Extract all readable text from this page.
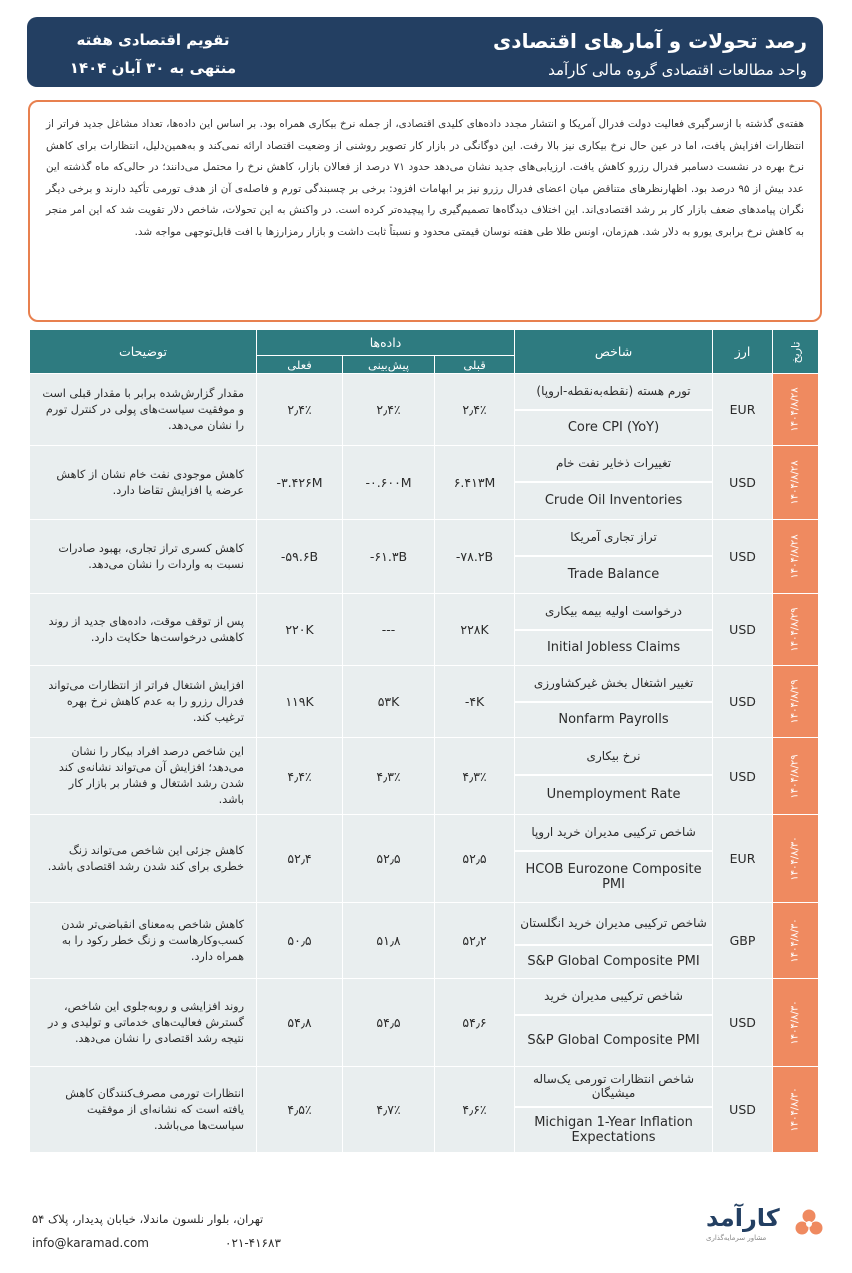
رصد تحولات و آمارهای اقتصادی
واحد مطالعات اقتصادی گروه مالی کارآمد
تقویم اقتصادی هفته
منتهی به ۳۰ آبان ۱۴۰۴
هفته‌ی گذشته با ازسرگیری فعالیت دولت فدرال آمریکا و انتشار مجدد داده‌های کلیدی اقتصادی، از جمله نرخ بیکاری همراه بود. بر اساس این داده‌ها، تعداد مشاغل جدید فراتر از انتظارات افزایش یافت، اما در عین حال نرخ بیکاری نیز بالا رفت. این دوگانگی در بازار کار تصویر روشنی از وضعیت اقتصاد ارائه نمی‌کند و به‌همین‌دلیل، انتظارات برای کاهش نرخ بهره در نشست دسامبر فدرال رزرو کاهش یافت. ارزیابی‌های جدید نشان می‌دهد حدود ۷۱ درصد از فعالان بازار، کاهش نرخ را محتمل می‌دانند؛ در حالی‌که ماه گذشته این عدد بیش از ۹۵ درصد بود. اظهارنظرهای متناقض میان اعضای فدرال رزرو نیز بر ابهامات افزود: برخی بر چسبندگی تورم و فاصله‌ی آن از هدف تورمی تأکید دارند و برخی دیگر نگران پیامدهای ضعف بازار کار بر رشد اقتصادی‌اند. این اختلاف دیدگاه‌ها تصمیم‌گیری را پیچیده‌تر کرده است. در واکنش به این تحولات، شاخص دلار تقویت شد که این امر منجر به کاهش نرخ برابری یورو به دلار شد. هم‌زمان، اونس طلا طی هفته نوسان قیمتی محدود و نسبتاً ثابت داشت و بازار رمزارزها با افت قابل‌توجهی مواجه شد.
تاریخ	ارز	شاخص	داده‌ها			توضیحات
			قبلی	پیش‌بینی	فعلی	
۱۴۰۴/۸/۲۸	EUR	تورم هسته (نقطه‌به‌نقطه-اروپا)	۲٫۴٪	۲٫۴٪	۲٫۴٪	مقدار گزارش‌شده برابر با مقدار قبلی است و موفقیت سیاست‌های پولی در کنترل تورم را نشان می‌دهد.
		Core CPI (YoY)				
۱۴۰۴/۸/۲۸	USD	تغییرات ذخایر نفت خام	۶.۴۱۳M	-۰.۶۰۰M	-۳.۴۲۶M	کاهش موجودی نفت خام نشان از کاهش عرضه یا افزایش تقاضا دارد.
		Crude Oil Inventories				
۱۴۰۴/۸/۲۸	USD	تراز تجاری آمریکا	-۷۸.۲B	-۶۱.۳B	-۵۹.۶B	کاهش کسری تراز تجاری، بهبود صادرات نسبت به واردات را نشان می‌دهد.
		Trade Balance				
۱۴۰۴/۸/۲۹	USD	درخواست اولیه بیمه بیکاری	۲۲۸K	---	۲۲۰K	پس از توقف موقت، داده‌های جدید از روند کاهشی درخواست‌ها حکایت دارد.
		Initial Jobless Claims				
۱۴۰۴/۸/۲۹	USD	تغییر اشتغال بخش غیرکشاورزی	-۴K	۵۳K	۱۱۹K	افزایش اشتغال فراتر از انتظارات می‌تواند فدرال رزرو را به عدم کاهش نرخ بهره ترغیب کند.
		Nonfarm Payrolls				
۱۴۰۴/۸/۲۹	USD	نرخ بیکاری	۴٫۳٪	۴٫۳٪	۴٫۴٪	این شاخص درصد افراد بیکار را نشان می‌دهد؛ افزایش آن می‌تواند نشانه‌ی کند شدن رشد اشتغال و فشار بر بازار کار باشد.
		Unemployment Rate				
۱۴۰۴/۸/۳۰	EUR	شاخص ترکیبی مدیران خرید اروپا	۵۲٫۵	۵۲٫۵	۵۲٫۴	کاهش جزئی این شاخص می‌تواند زنگ خطری برای کند شدن رشد اقتصادی باشد.
		HCOB Eurozone Composite PMI				
۱۴۰۴/۸/۳۰	GBP	شاخص ترکیبی مدیران خرید انگلستان	۵۲٫۲	۵۱٫۸	۵۰٫۵	کاهش شاخص به‌معنای انقباضی‌تر شدن کسب‌وکارهاست و زنگ خطر رکود را به همراه دارد.
		S&P Global Composite PMI				
۱۴۰۴/۸/۳۰	USD	شاخص ترکیبی مدیران خرید	۵۴٫۶	۵۴٫۵	۵۴٫۸	روند افزایشی و روبه‌جلوی این شاخص، گسترش فعالیت‌های خدماتی و تولیدی و در نتیجه رشد اقتصادی را نشان می‌دهد.
		S&P Global Composite PMI				
۱۴۰۴/۸/۳۰	USD	شاخص انتظارات تورمی یک‌ساله میشیگان	۴٫۶٪	۴٫۷٪	۴٫۵٪	انتظارات تورمی مصرف‌کنندگان کاهش یافته است که نشانه‌ای از موفقیت سیاست‌ها می‌باشد.
		Michigan 1-Year Inflation Expectations				
تهران، بلوار نلسون ماندلا، خیابان پدیدار، پلاک ۵۴
info@karamad.com	۰۲۱-۴۱۶۸۳
کارآمد
مشاور سرمایه‌گذاری
